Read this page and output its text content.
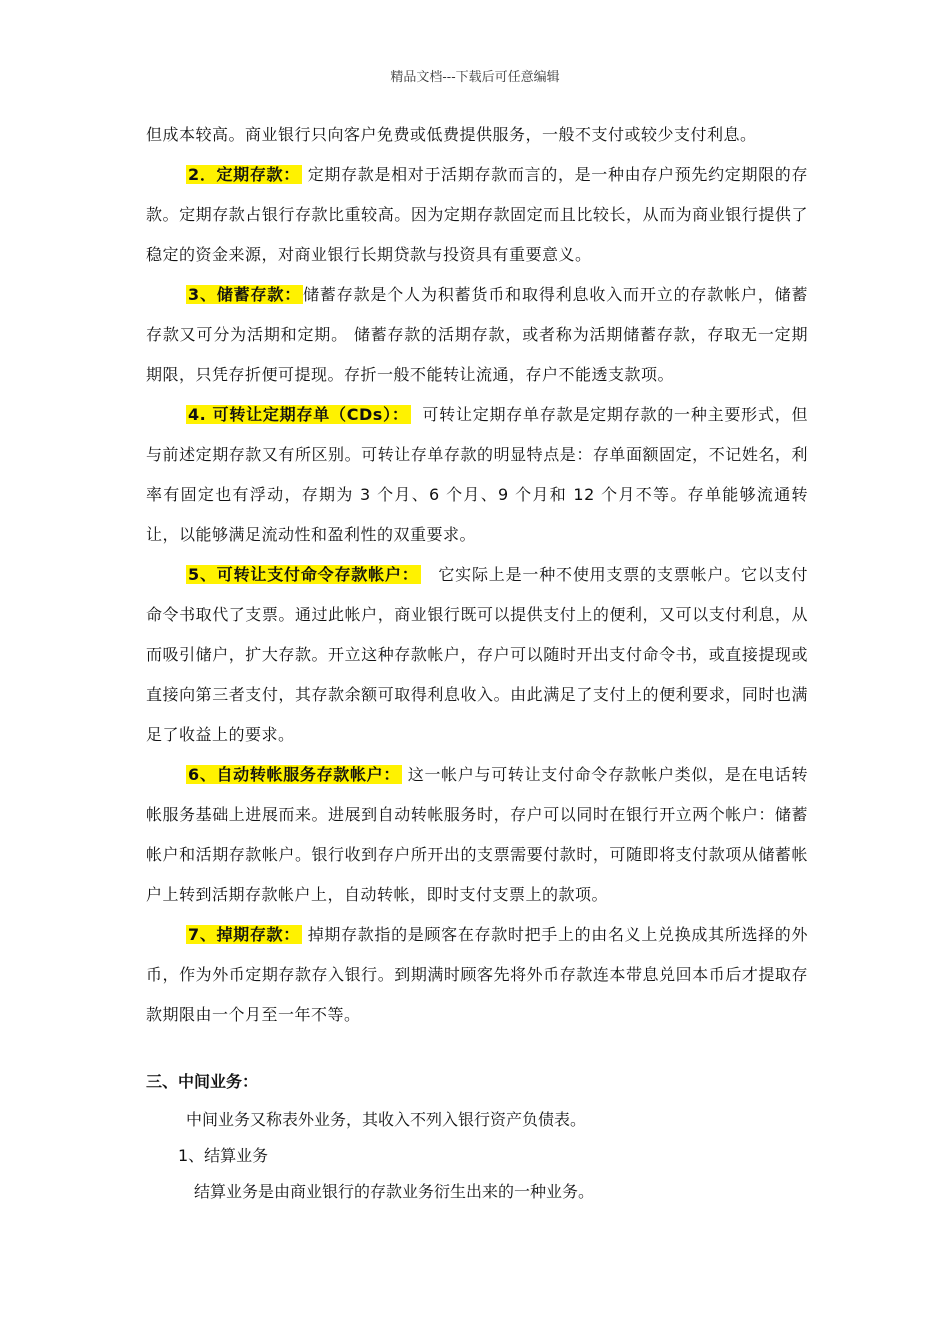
精品文档---下载后可任意编辑

但成本较高。商业银行只向客户免费或低费提供服务，一般不支付或较少支付利息。

2．定期存款： 定期存款是相对于活期存款而言的，是一种由存户预先约定期限的存款。定期存款占银行存款比重较高。因为定期存款固定而且比较长，从而为商业银行提供了稳定的资金来源，对商业银行长期贷款与投资具有重要意义。

3、储蓄存款： 储蓄存款是个人为积蓄货币和取得利息收入而开立的存款帐户，储蓄存款又可分为活期和定期。 储蓄存款的活期存款，或者称为活期储蓄存款，存取无一定期期限，只凭存折便可提现。存折一般不能转让流通，存户不能透支款项。

4. 可转让定期存单（CDs）： 可转让定期存单存款是定期存款的一种主要形式，但与前述定期存款又有所区别。可转让存单存款的明显特点是：存单面额固定，不记姓名，利率有固定也有浮动，存期为 3 个月、6 个月、9 个月和 12 个月不等。存单能够流通转让，以能够满足流动性和盈利性的双重要求。

5、可转让支付命令存款帐户： 它实际上是一种不使用支票的支票帐户。它以支付命令书取代了支票。通过此帐户，商业银行既可以提供支付上的便利，又可以支付利息，从而吸引储户，扩大存款。开立这种存款帐户，存户可以随时开出支付命令书，或直接提现或直接向第三者支付，其存款余额可取得利息收入。由此满足了支付上的便利要求，同时也满足了收益上的要求。

6、自动转帐服务存款帐户： 这一帐户与可转让支付命令存款帐户类似，是在电话转帐服务基础上进展而来。进展到自动转帐服务时，存户可以同时在银行开立两个帐户：储蓄帐户和活期存款帐户。银行收到存户所开出的支票需要付款时，可随即将支付款项从储蓄帐户上转到活期存款帐户上，自动转帐，即时支付支票上的款项。

7、掉期存款： 掉期存款指的是顾客在存款时把手上的由名义上兑换成其所选择的外币，作为外币定期存款存入银行。到期满时顾客先将外币存款连本带息兑回本币后才提取存款期限由一个月至一年不等。

三、中间业务：

中间业务又称表外业务，其收入不列入银行资产负债表。

1、结算业务

结算业务是由商业银行的存款业务衍生出来的一种业务。
